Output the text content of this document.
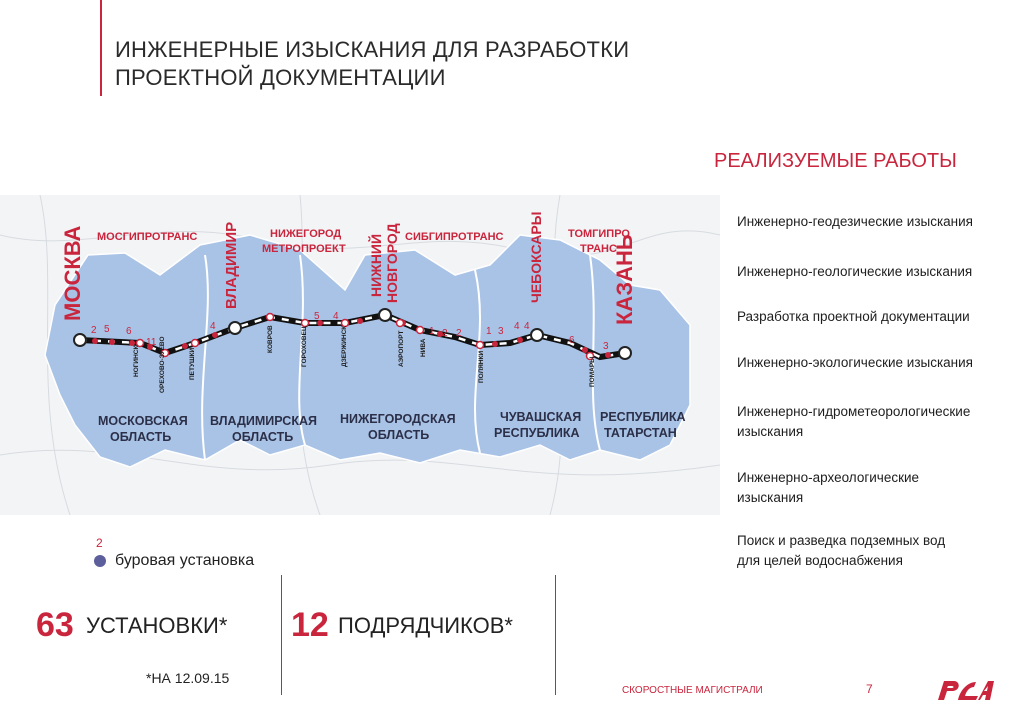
ИНЖЕНЕРНЫЕ ИЗЫСКАНИЯ ДЛЯ РАЗРАБОТКИ
ПРОЕКТНОЙ ДОКУМЕНТАЦИИ
РЕАЛИЗУЕМЫЕ РАБОТЫ
Инженерно-геодезические изыскания
Инженерно-геологические изыскания
Разработка проектной документации
Инженерно-экологические изыскания
Инженерно-гидрометеорологические
изыскания
Инженерно-археологические
изыскания
Поиск и разведка подземных вод
для целей водоснабжения
2 5 6
11
4
5 4
1 2 2 1 3 4 4
6
3
НОГИНСК	ОРЕХОВО-ЗУЕВО	ПЕТУШКИ
КОВРОВ	ГОРОХОВЕЦ	ДЗЕРЖИНСК	АЭРОПОРТ НИВА
ПОЛЯНКИ	ПОМАРЫ
МОСКВА	ВЛАДИМИР	НИЖНИЙ НОВГОРОД	ЧЕБОКСАРЫ	КАЗАНЬ
МОСГИПРОТРАНС	НИЖЕГОРОД
МЕТРОПРОЕКТ
СИБГИПРОТРАНС	ТОМГИПРО
ТРАНС
МОСКОВСКАЯ
ОБЛАСТЬ
ВЛАДИМИРСКАЯ
ОБЛАСТЬ
НИЖЕГОРОДСКАЯ
ОБЛАСТЬ
ЧУВАШСКАЯ
РЕСПУБЛИКА
РЕСПУБЛИКА
ТАТАРСТАН
2
буровая установка
63 УСТАНОВКИ* 12 ПОДРЯДЧИКОВ*
*НА 12.09.15
СКОРОСТНЫЕ МАГИСТРАЛИ	7
